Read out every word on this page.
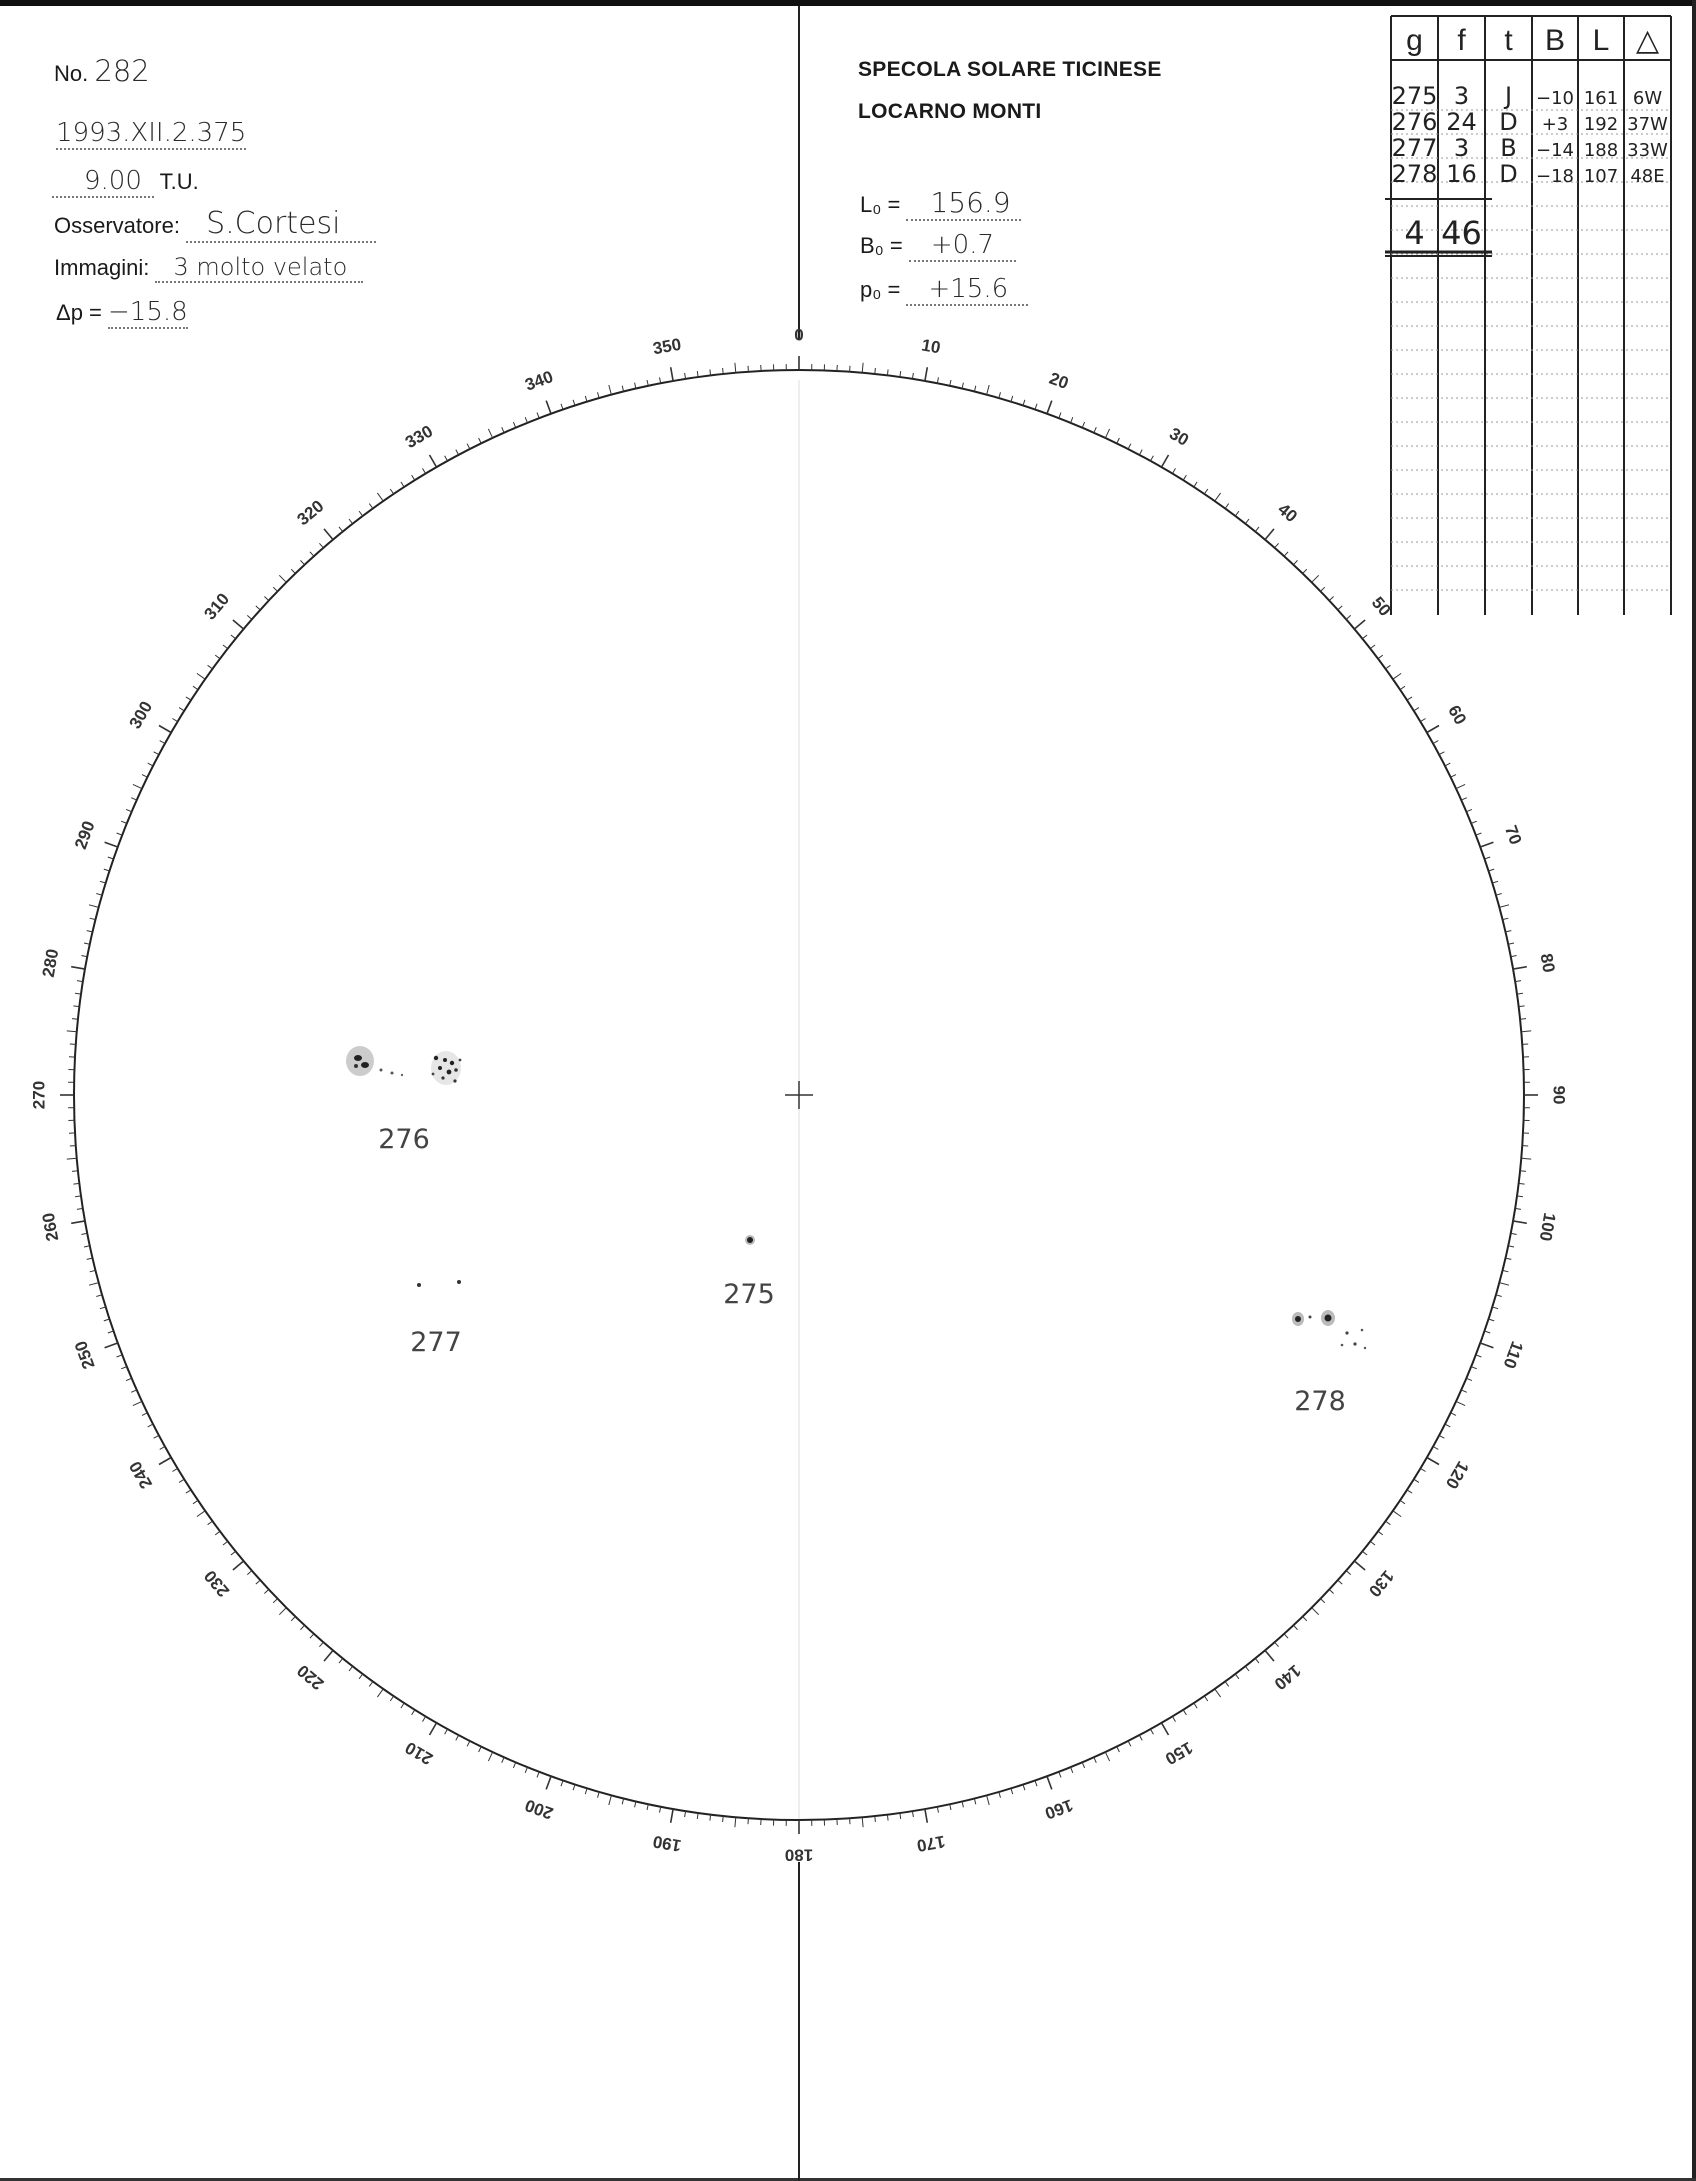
No. 282
1993.XII.2.375
9.00 T.U.
Osservatore: S.Cortesi
Immagini: 3 molto velato
Δp = −15.8
SPECOLA SOLARE TICINESE
LOCARNO MONTI
L₀ = 156.9
B₀ = +0.7
p₀ = +15.6
g f t B L △
275 3 J −10 161 6W
276 24 D +3 192 37W
277 3 B −14 188 33W
278 16 D −18 107 48E
4 46
0
10
20
30
40
50
60
70
80
90
100
110
120
130
140
150
160
170
180
190
200
210
220
230
240
250
260
270
280
290
300
310
320
330
340
350
276
275
277
278
